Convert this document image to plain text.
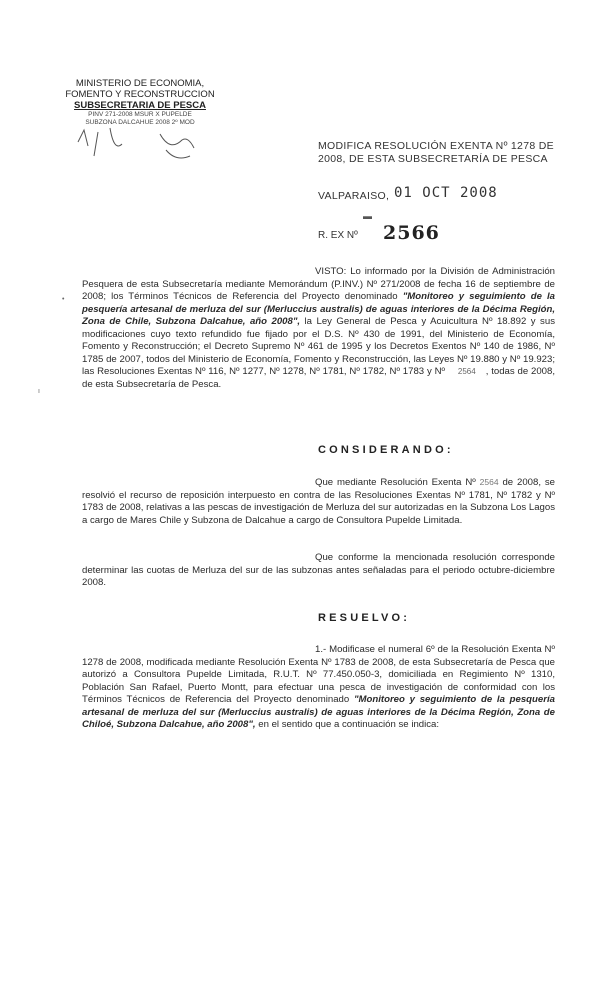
MINISTERIO DE ECONOMIA,
FOMENTO Y RECONSTRUCCION
SUBSECRETARIA DE PESCA
PINV 271-2008 MSUR X PUPELDE
SUBZONA DALCAHUE 2008 2º MOD
MODIFICA RESOLUCIÓN EXENTA Nº 1278 DE 2008, DE ESTA SUBSECRETARÍA DE PESCA
VALPARAISO, 01 OCT 2008
▬
R. EX Nº 2566
VISTO: Lo informado por la División de Administración Pesquera de esta Subsecretaría mediante Memorándum (P.INV.) Nº 271/2008 de fecha 16 de septiembre de 2008; los Términos Técnicos de Referencia del Proyecto denominado "Monitoreo y seguimiento de la pesquería artesanal de merluza del sur (Merluccius australis) de aguas interiores de la Décima Región, Zona de Chile, Subzona Dalcahue, año 2008", la Ley General de Pesca y Acuicultura Nº 18.892 y sus modificaciones cuyo texto refundido fue fijado por el D.S. Nº 430 de 1991, del Ministerio de Economía, Fomento y Reconstrucción; el Decreto Supremo Nº 461 de 1995 y los Decretos Exentos Nº 140 de 1986, Nº 1785 de 2007, todos del Ministerio de Economía, Fomento y Reconstrucción, las Leyes Nº 19.880 y Nº 19.923; las Resoluciones Exentas Nº 116, Nº 1277, Nº 1278, Nº 1781, Nº 1782, Nº 1783 y Nº 2564 , todas de 2008, de esta Subsecretaría de Pesca.
•
ı
CONSIDERANDO:
Que mediante Resolución Exenta Nº 2564 de 2008, se resolvió el recurso de reposición interpuesto en contra de las Resoluciones Exentas Nº 1781, Nº 1782 y Nº 1783 de 2008, relativas a las pescas de investigación de Merluza del sur autorizadas en la Subzona Los Lagos a cargo de Mares Chile y Subzona de Dalcahue a cargo de Consultora Pupelde Limitada.
Que conforme la mencionada resolución corresponde determinar las cuotas de Merluza del sur de las subzonas antes señaladas para el periodo octubre-diciembre 2008.
RESUELVO:
1.- Modificase el numeral 6º de la Resolución Exenta Nº 1278 de 2008, modificada mediante Resolución Exenta Nº 1783 de 2008, de esta Subsecretaría de Pesca que autorizó a Consultora Pupelde Limitada, R.U.T. Nº 77.450.050-3, domiciliada en Regimiento Nº 1310, Población San Rafael, Puerto Montt, para efectuar una pesca de investigación de conformidad con los Términos Técnicos de Referencia del Proyecto denominado "Monitoreo y seguimiento de la pesquería artesanal de merluza del sur (Merluccius australis) de aguas interiores de la Décima Región, Zona de Chiloé, Subzona Dalcahue, año 2008", en el sentido que a continuación se indica:
